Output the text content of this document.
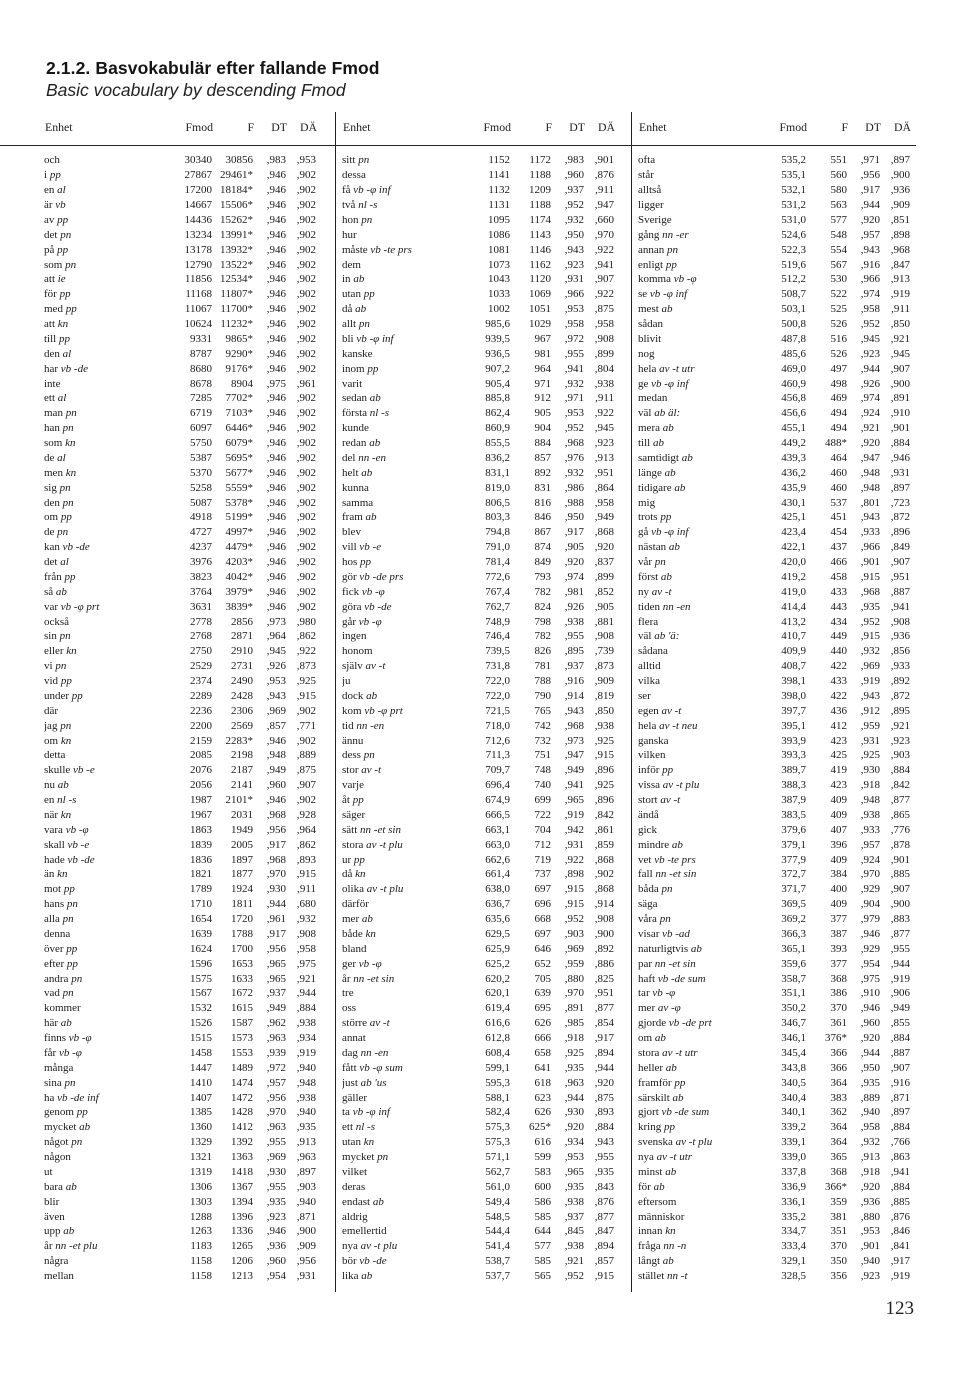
2.1.2. Basvokabulär efter fallande Fmod
Basic vocabulary by descending Fmod
Enhet	Fmod	F	DT	DÄ
och	30340	30856	,983 ,953
i pp	27867 29461*	,946 ,902
en al	17200 18184*	,946 ,902
är vb	14667 15506*	,946 ,902
av pp	14436 15262*	,946 ,902
det pn	13234 13991*	,946 ,902
på pp	13178 13932*	,946 ,902
som pn	12790 13522*	,946 ,902
att ie	11856 12534*	,946 ,902
för pp	11168 11807*	,946 ,902
med pp	11067 11700*	,946 ,902
att kn	10624 11232*	,946 ,902
till pp	9331	9865*	,946 ,902
den al	8787	9290*	,946 ,902
har vb -de	8680	9176*	,946 ,902
inte	8678	8904	,975 ,961
ett al	7285	7702*	,946 ,902
man pn	6719	7103*	,946 ,902
han pn	6097	6446*	,946 ,902
som kn	5750	6079*	,946 ,902
de al	5387	5695*	,946 ,902
men kn	5370	5677*	,946 ,902
sig pn	5258	5559*	,946 ,902
den pn	5087	5378*	,946 ,902
om pp	4918	5199*	,946 ,902
de pn	4727	4997*	,946 ,902
kan vb -de	4237	4479*	,946 ,902
det al	3976	4203*	,946 ,902
från pp	3823	4042*	,946 ,902
så ab	3764	3979*	,946 ,902
var vb -φ prt	3631	3839*	,946 ,902
också	2778	2856	,973 ,980
sin pn	2768	2871	,964 ,862
eller kn	2750	2910	,945 ,922
vi pn	2529	2731	,926 ,873
vid pp	2374	2490	,953 ,925
under pp	2289	2428	,943 ,915
där	2236	2306	,969 ,902
jag pn	2200	2569	,857 ,771
om kn	2159	2283*	,946 ,902
detta	2085	2198	,948 ,889
skulle vb -e	2076	2187	,949 ,875
nu ab	2056	2141	,960 ,907
en nl -s	1987	2101*	,946 ,902
när kn	1967	2031	,968 ,928
vara vb -φ	1863	1949	,956 ,964
skall vb -e	1839	2005	,917 ,862
hade vb -de	1836	1897	,968 ,893
än kn	1821	1877	,970 ,915
mot pp	1789	1924	,930	,911
hans pn	1710	1811	,944 ,680
alla pn	1654	1720	,961 ,932
denna	1639	1788	,917 ,908
över pp	1624	1700	,956 ,958
efter pp	1596	1653	,965 ,975
andra pn	1575	1633	,965 ,921
vad pn	1567	1672	,937 ,944
kommer	1532	1615	,949 ,884
här ab	1526	1587	,962 ,938
finns vb -φ	1515	1573	,963 ,934
får vb -φ	1458	1553	,939 ,919
många	1447	1489	,972 ,940
sina pn	1410	1474	,957 ,948
ha vb -de inf	1407	1472	,956 ,938
genom pp	1385	1428	,970 ,940
mycket ab	1360	1412	,963 ,935
något pn	1329	1392	,955 ,913
någon	1321	1363	,969 ,963
ut	1319	1418	,930 ,897
bara ab	1306	1367	,955 ,903
blir	1303	1394	,935 ,940
även	1288	1396	,923 ,871
upp ab	1263	1336	,946 ,900
år nn -et plu	1183	1265	,936 ,909
några	1158	1206	,960 ,956
mellan	1158	1213	,954 ,931
Enhet	Fmod	F	DT	DÄ
sitt pn	1152	1172	,983 ,901
dessa	1141	1188	,960 ,876
få vb -φ inf	1132	1209	,937	,911
två nl -s	1131	1188	,952 ,947
hon pn	1095	1174	,932 ,660
hur	1086	1143	,950 ,970
måste vb -te prs	1081	1146	,943 ,922
dem	1073	1162	,923 ,941
in ab	1043	1120	,931 ,907
utan pp	1033	1069	,966 ,922
då ab	1002	1051	,953 ,875
allt pn	985,6	1029	,958 ,958
bli vb -φ inf	939,5	967	,972 ,908
kanske	936,5	981	,955 ,899
inom pp	907,2	964	,941 ,804
varit	905,4	971	,932 ,938
sedan ab	885,8	912	,971	,911
första nl -s	862,4	905	,953 ,922
kunde	860,9	904	,952 ,945
redan ab	855,5	884	,968 ,923
del nn -en	836,2	857	,976 ,913
helt ab	831,1	892	,932 ,951
kunna	819,0	831	,986 ,864
samma	806,5	816	,988 ,958
fram ab	803,3	846	,950 ,949
blev	794,8	867	,917 ,868
vill vb -e	791,0	874	,905 ,920
hos pp	781,4	849	,920 ,837
gör vb -de prs	772,6	793	,974 ,899
fick vb -φ	767,4	782	,981 ,852
göra vb -de	762,7	824	,926 ,905
går vb -φ	748,9	798	,938 ,881
ingen	746,4	782	,955 ,908
honom	739,5	826	,895 ,739
själv av -t	731,8	781	,937 ,873
ju	722,0	788	,916 ,909
dock ab	722,0	790	,914 ,819
kom vb -φ prt	721,5	765	,943 ,850
tid nn -en	718,0	742	,968 ,938
ännu	712,6	732	,973 ,925
dess pn	711,3	751	,947 ,915
stor av -t	709,7	748	,949 ,896
varje	696,4	740	,941 ,925
åt pp	674,9	699	,965 ,896
säger	666,5	722	,919 ,842
sätt nn -et sin	663,1	704	,942 ,861
stora av -t plu	663,0	712	,931 ,859
ur pp	662,6	719	,922 ,868
då kn	661,4	737	,898 ,902
olika av -t plu	638,0	697	,915 ,868
därför	636,7	696	,915 ,914
mer ab	635,6	668	,952 ,908
både kn	629,5	697	,903 ,900
bland	625,9	646	,969 ,892
ger vb -φ	625,2	652	,959 ,886
år nn -et sin	620,2	705	,880 ,825
tre	620,1	639	,970 ,951
oss	619,4	695	,891 ,877
större av -t	616,6	626	,985 ,854
annat	612,8	666	,918 ,917
dag nn -en	608,4	658	,925 ,894
fått vb -φ sum	599,1	641	,935 ,944
just ab 'us	595,3	618	,963 ,920
gäller	588,1	623	,944 ,875
ta vb -φ inf	582,4	626	,930 ,893
ett nl -s	575,3	625*	,920 ,884
utan kn	575,3	616	,934 ,943
mycket pn	571,1	599	,953 ,955
vilket	562,7	583	,965 ,935
deras	561,0	600	,935 ,843
endast ab	549,4	586	,938 ,876
aldrig	548,5	585	,937 ,877
emellertid	544,4	644	,845 ,847
nya av -t plu	541,4	577	,938 ,894
bör vb -de	538,7	585	,921 ,857
lika ab	537,7	565	,952 ,915
Enhet	Fmod	F	DT	DÄ
ofta	535,2	551	,971 ,897
står	535,1	560	,956 ,900
alltså	532,1	580	,917 ,936
ligger	531,2	563	,944 ,909
Sverige	531,0	577	,920 ,851
gång nn -er	524,6	548	,957 ,898
annan pn	522,3	554	,943 ,968
enligt pp	519,6	567	,916 ,847
komma vb -φ	512,2	530	,966 ,913
se vb -φ inf	508,7	522	,974 ,919
mest ab	503,1	525	,958	,911
sådan	500,8	526	,952 ,850
blivit	487,8	516	,945 ,921
nog	485,6	526	,923 ,945
hela av -t utr	469,0	497	,944 ,907
ge vb -φ inf	460,9	498	,926 ,900
medan	456,8	469	,974 ,891
väl ab äl:	456,6	494	,924 ,910
mera ab	455,1	494	,921 ,901
till ab	449,2	488*	,920 ,884
samtidigt ab	439,3	464	,947 ,946
länge ab	436,2	460	,948 ,931
tidigare ab	435,9	460	,948 ,897
mig	430,1	537	,801 ,723
trots pp	425,1	451	,943 ,872
gå vb -φ inf	423,4	454	,933 ,896
nästan ab	422,1	437	,966 ,849
vår pn	420,0	466	,901 ,907
först ab	419,2	458	,915 ,951
ny av -t	419,0	433	,968 ,887
tiden nn -en	414,4	443	,935 ,941
flera	413,2	434	,952 ,908
väl ab 'ä:	410,7	449	,915 ,936
sådana	409,9	440	,932 ,856
alltid	408,7	422	,969 ,933
vilka	398,1	433	,919 ,892
ser	398,0	422	,943 ,872
egen av -t	397,7	436	,912 ,895
hela av -t neu	395,1	412	,959 ,921
ganska	393,9	423	,931 ,923
vilken	393,3	425	,925 ,903
inför pp	389,7	419	,930 ,884
vissa av -t plu	388,3	423	,918 ,842
stort av -t	387,9	409	,948 ,877
ändå	383,5	409	,938 ,865
gick	379,6	407	,933 ,776
mindre ab	379,1	396	,957 ,878
vet vb -te prs	377,9	409	,924 ,901
fall nn -et sin	372,7	384	,970 ,885
båda pn	371,7	400	,929 ,907
säga	369,5	409	,904 ,900
våra pn	369,2	377	,979 ,883
visar vb -ad	366,3	387	,946 ,877
naturligtvis ab	365,1	393	,929 ,955
par nn -et sin	359,6	377	,954 ,944
haft vb -de sum	358,7	368	,975 ,919
tar vb -φ	351,1	386	,910 ,906
mer av -φ	350,2	370	,946 ,949
gjorde vb -de prt	346,7	361	,960 ,855
om ab	346,1	376*	,920 ,884
stora av -t utr	345,4	366	,944 ,887
heller ab	343,8	366	,950 ,907
framför pp	340,5	364	,935 ,916
särskilt ab	340,4	383	,889 ,871
gjort vb -de sum	340,1	362	,940 ,897
kring pp	339,2	364	,958 ,884
svenska av -t plu	339,1	364	,932 ,766
nya av -t utr	339,0	365	,913 ,863
minst ab	337,8	368	,918 ,941
för ab	336,9	366*	,920 ,884
eftersom	336,1	359	,936 ,885
människor	335,2	381	,880 ,876
innan kn	334,7	351	,953 ,846
fråga nn -n	333,4	370	,901 ,841
långt ab	329,1	350	,940 ,917
stället nn -t	328,5	356	,923 ,919
123
